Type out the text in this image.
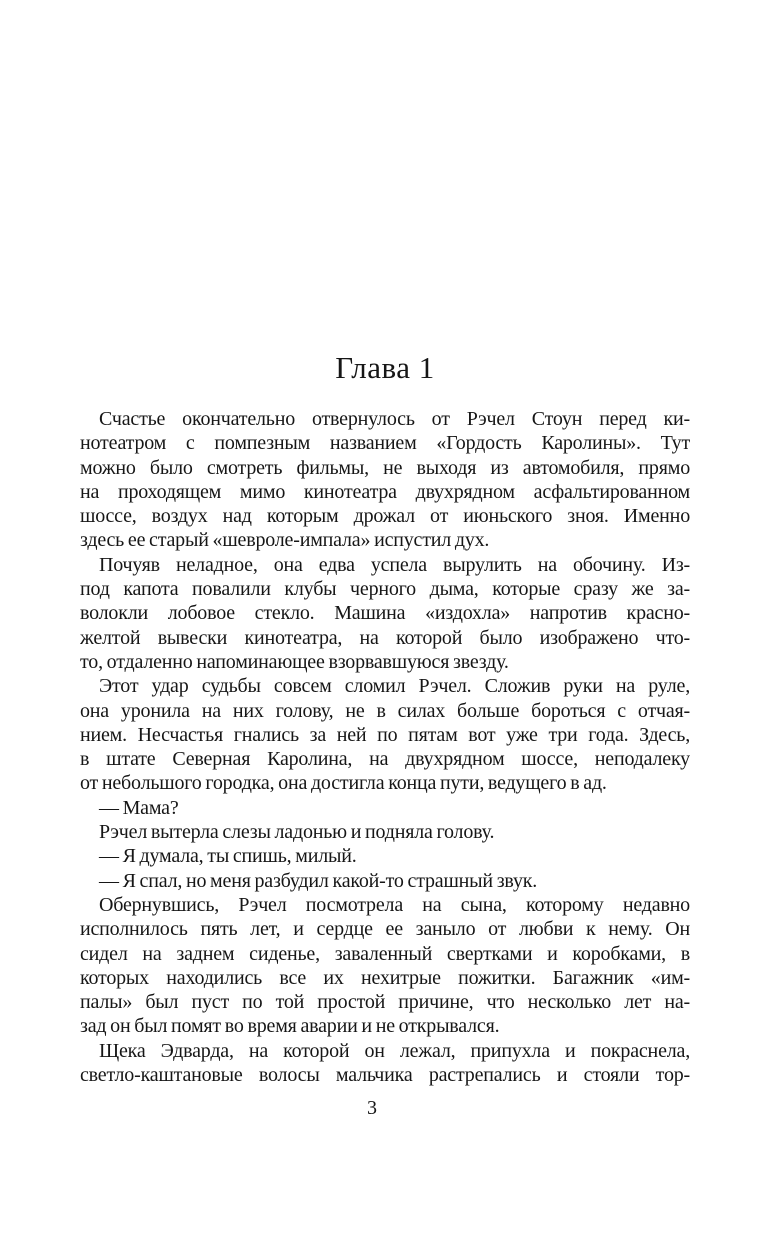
Глава 1
Счастье окончательно отвернулось от Рэчел Стоун перед ки-
нотеатром с помпезным названием «Гордость Каролины». Тут
можно было смотреть фильмы, не выходя из автомобиля, прямо
на проходящем мимо кинотеатра двухрядном асфальтированном
шоссе, воздух над которым дрожал от июньского зноя. Именно
здесь ее старый «шевроле-импала» испустил дух.
Почуяв неладное, она едва успела вырулить на обочину. Из-
под капота повалили клубы черного дыма, которые сразу же за-
волокли лобовое стекло. Машина «издохла» напротив красно-
желтой вывески кинотеатра, на которой было изображено что-
то, отдаленно напоминающее взорвавшуюся звезду.
Этот удар судьбы совсем сломил Рэчел. Сложив руки на руле,
она уронила на них голову, не в силах больше бороться с отчая-
нием. Несчастья гнались за ней по пятам вот уже три года. Здесь,
в штате Северная Каролина, на двухрядном шоссе, неподалеку
от небольшого городка, она достигла конца пути, ведущего в ад.
— Мама?
Рэчел вытерла слезы ладонью и подняла голову.
— Я думала, ты спишь, милый.
— Я спал, но меня разбудил какой-то страшный звук.
Обернувшись, Рэчел посмотрела на сына, которому недавно
исполнилось пять лет, и сердце ее заныло от любви к нему. Он
сидел на заднем сиденье, заваленный свертками и коробками, в
которых находились все их нехитрые пожитки. Багажник «им-
палы» был пуст по той простой причине, что несколько лет на-
зад он был помят во время аварии и не открывался.
Щека Эдварда, на которой он лежал, припухла и покраснела,
светло-каштановые волосы мальчика растрепались и стояли тор-
3
